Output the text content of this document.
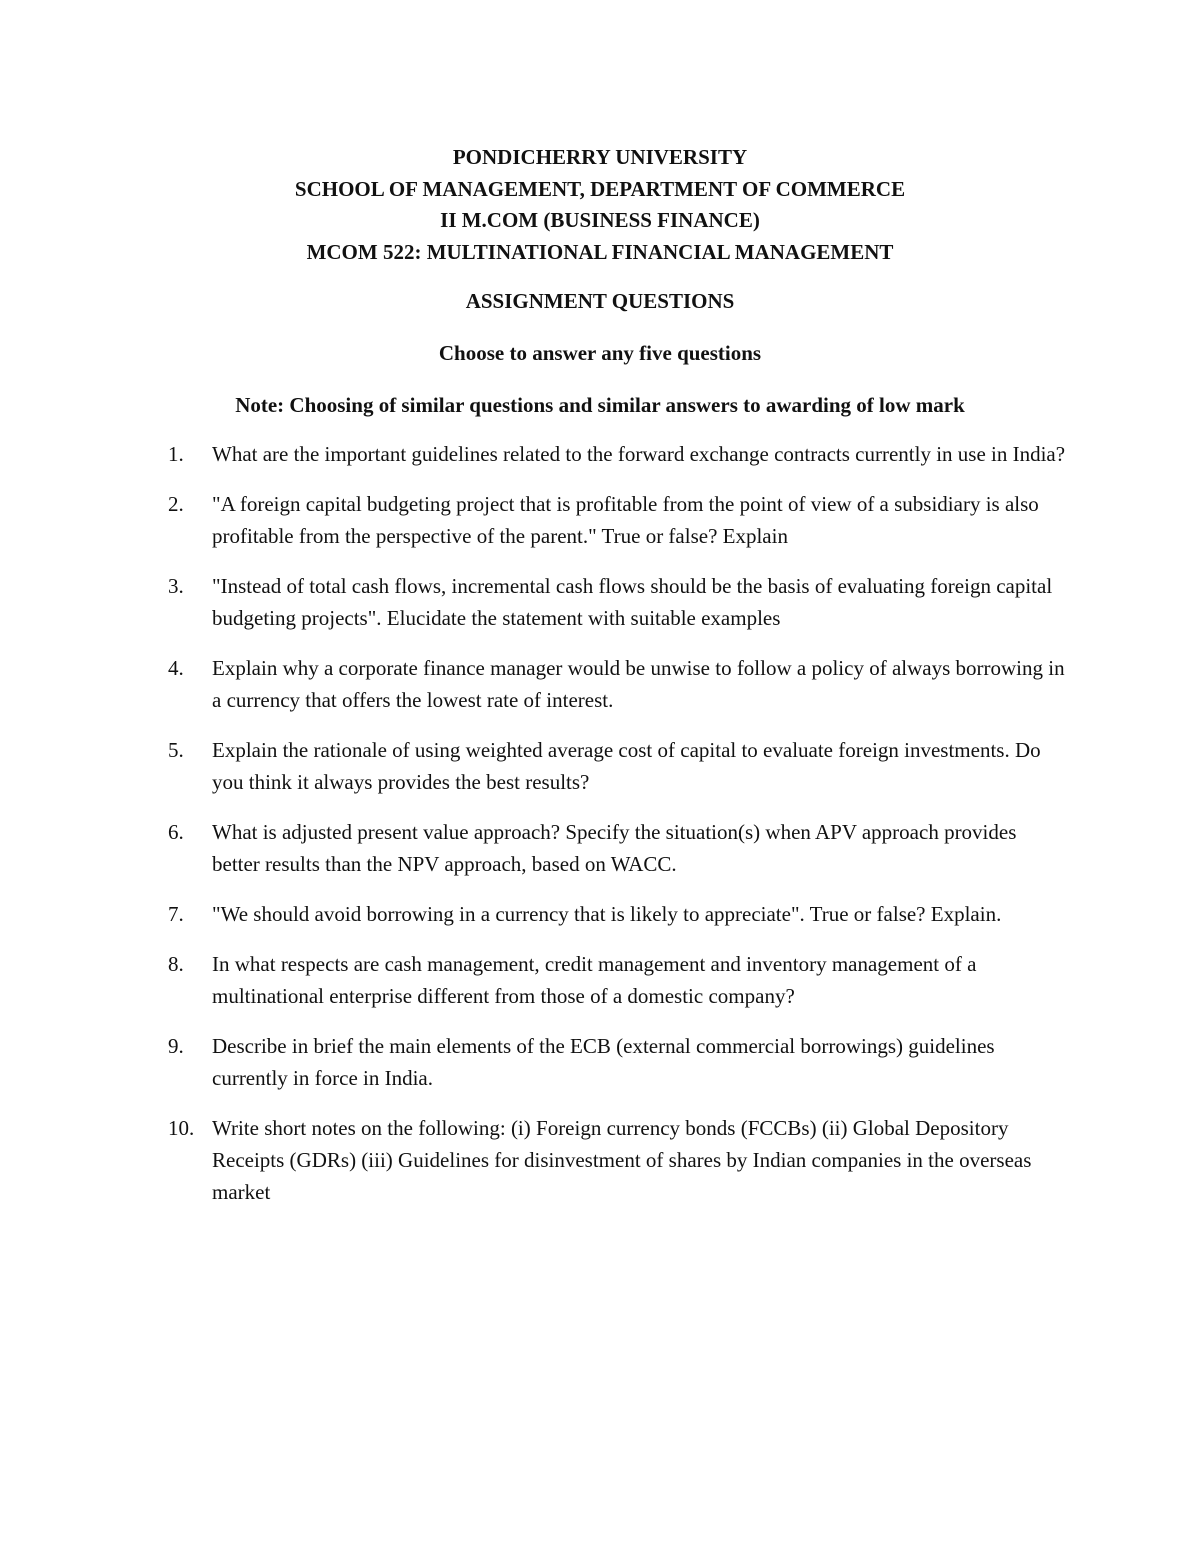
PONDICHERRY UNIVERSITY
SCHOOL OF MANAGEMENT, DEPARTMENT OF COMMERCE
II M.COM (BUSINESS FINANCE)
MCOM 522: MULTINATIONAL FINANCIAL MANAGEMENT
ASSIGNMENT QUESTIONS
Choose to answer any five questions
Note: Choosing of similar questions and similar answers to awarding of low mark
1.	What are the important guidelines related to the forward exchange contracts currently in use in India?
2.	"A foreign capital budgeting project that is profitable from the point of view of a subsidiary is also profitable from the perspective of the parent." True or false? Explain
3.	"Instead of total cash flows, incremental cash flows should be the basis of evaluating foreign capital budgeting projects". Elucidate the statement with suitable examples
4.	Explain why a corporate finance manager would be unwise to follow a policy of always borrowing in a currency that offers the lowest rate of interest.
5.	Explain the rationale of using weighted average cost of capital to evaluate foreign investments. Do you think it always provides the best results?
6.	What is adjusted present value approach? Specify the situation(s) when APV approach provides better results than the NPV approach, based on WACC.
7.	"We should avoid borrowing in a currency that is likely to appreciate". True or false? Explain.
8.	In what respects are cash management, credit management and inventory management of a multinational enterprise different from those of a domestic company?
9.	Describe in brief the main elements of the ECB (external commercial borrowings) guidelines currently in force in India.
10. Write short notes on the following: (i) Foreign currency bonds (FCCBs) (ii) Global Depository Receipts (GDRs) (iii) Guidelines for disinvestment of shares by Indian companies in the overseas market
